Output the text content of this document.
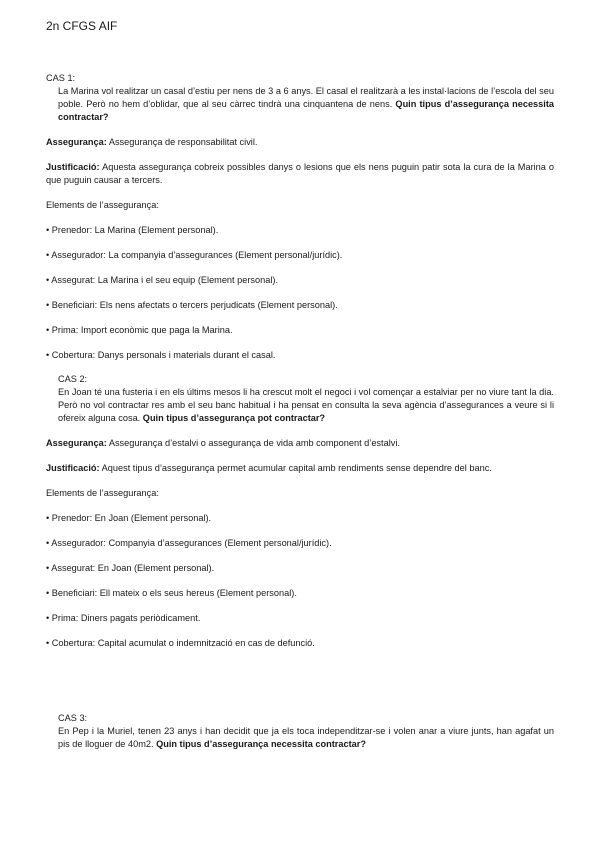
2n CFGS AIF

CAS 1:

La Marina vol realitzar un casal d’estiu per nens de 3 a 6 anys. El casal el realitzarà a les instal·lacions de l’escola del seu poble. Però no hem d’oblidar, que al seu càrrec tindrà una cinquantena de nens. Quin tipus d’assegurança necessita contractar?

Assegurança: Assegurança de responsabilitat civil.

Justificació: Aquesta assegurança cobreix possibles danys o lesions que els nens puguin patir sota la cura de la Marina o que puguin causar a tercers.

Elements de l’assegurança:

• Prenedor: La Marina (Element personal).

• Assegurador: La companyia d’assegurances (Element personal/jurídic).

• Assegurat: La Marina i el seu equip (Element personal).

• Beneficiari: Els nens afectats o tercers perjudicats (Element personal).

• Prima: Import econòmic que paga la Marina.

• Cobertura: Danys personals i materials durant el casal.

CAS 2:

En Joan té una fusteria i en els últims mesos li ha crescut molt el negoci i vol començar a estalviar per no viure tant la dia. Però no vol contractar res amb el seu banc habitual i ha pensat en consulta la seva agència d’assegurances a veure si li ofereix alguna cosa. Quin tipus d’assegurança pot contractar?

Assegurança: Assegurança d’estalvi o assegurança de vida amb component d’estalvi.

Justificació: Aquest tipus d’assegurança permet acumular capital amb rendiments sense dependre del banc.

Elements de l’assegurança:

• Prenedor: En Joan (Element personal).

• Assegurador: Companyia d’assegurances (Element personal/jurídic).

• Assegurat: En Joan (Element personal).

• Beneficiari: Ell mateix o els seus hereus (Element personal).

• Prima: Diners pagats periòdicament.

• Cobertura: Capital acumulat o indemnització en cas de defunció.

CAS 3:

En Pep i la Muriel, tenen 23 anys i han decidit que ja els toca independitzar-se i volen anar a viure junts, han agafat un pis de lloguer de 40m2. Quin tipus d’assegurança necessita contractar?
